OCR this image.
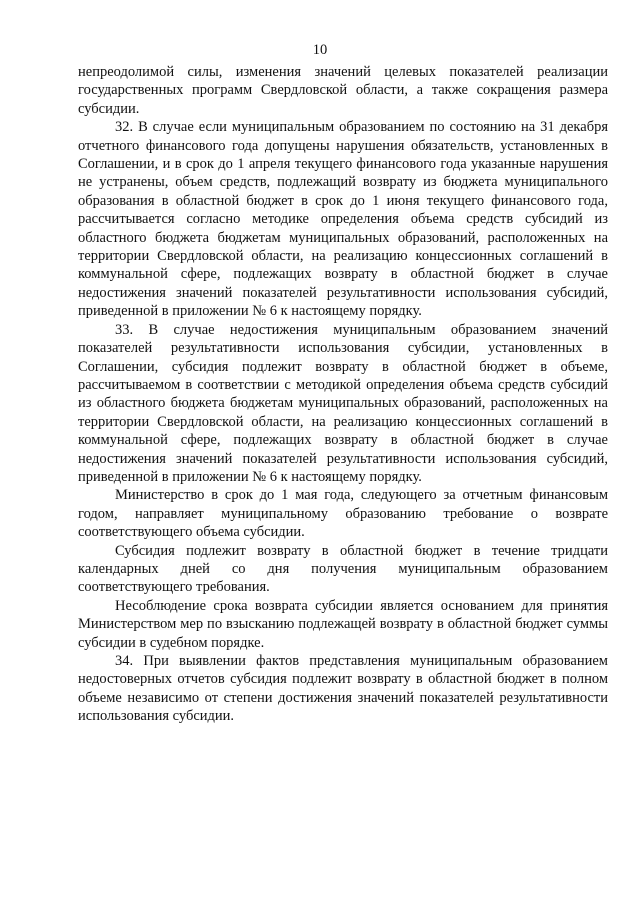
10

непреодолимой силы, изменения значений целевых показателей реализации государственных программ Свердловской области, а также сокращения размера субсидии.

32. В случае если муниципальным образованием по состоянию на 31 декабря отчетного финансового года допущены нарушения обязательств, установленных в Соглашении, и в срок до 1 апреля текущего финансового года указанные нарушения не устранены, объем средств, подлежащий возврату из бюджета муниципального образования в областной бюджет в срок до 1 июня текущего финансового года, рассчитывается согласно методике определения объема средств субсидий из областного бюджета бюджетам муниципальных образований, расположенных на территории Свердловской области, на реализацию концессионных соглашений в коммунальной сфере, подлежащих возврату в областной бюджет в случае недостижения значений показателей результативности использования субсидий, приведенной в приложении № 6 к настоящему порядку.

33. В случае недостижения муниципальным образованием значений показателей результативности использования субсидии, установленных в Соглашении, субсидия подлежит возврату в областной бюджет в объеме, рассчитываемом в соответствии с методикой определения объема средств субсидий из областного бюджета бюджетам муниципальных образований, расположенных на территории Свердловской области, на реализацию концессионных соглашений в коммунальной сфере, подлежащих возврату в областной бюджет в случае недостижения значений показателей результативности использования субсидий, приведенной в приложении № 6 к настоящему порядку.

Министерство в срок до 1 мая года, следующего за отчетным финансовым годом, направляет муниципальному образованию требование о возврате соответствующего объема субсидии.

Субсидия подлежит возврату в областной бюджет в течение тридцати календарных дней со дня получения муниципальным образованием соответствующего требования.

Несоблюдение срока возврата субсидии является основанием для принятия Министерством мер по взысканию подлежащей возврату в областной бюджет суммы субсидии в судебном порядке.

34. При выявлении фактов представления муниципальным образованием недостоверных отчетов субсидия подлежит возврату в областной бюджет в полном объеме независимо от степени достижения значений показателей результативности использования субсидии.
